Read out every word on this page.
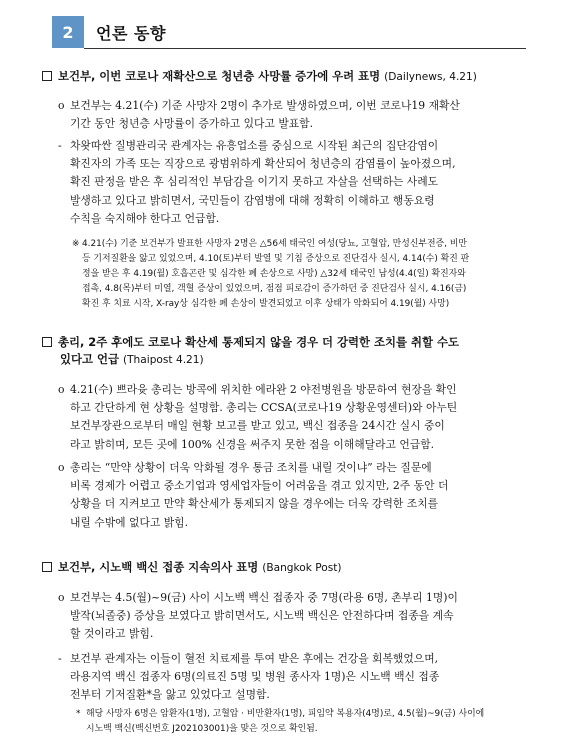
2	언론 동향
보건부, 이번 코로나 재확산으로 청년층 사망률 증가에 우려 표명 (Dailynews, 4.21)
o 보건부는 4.21(수) 기준 사망자 2명이 추가로 발생하였으며, 이번 코로나19 재확산
기간 동안 청년층 사망률이 증가하고 있다고 발표함.
- 차왓따싼 질병관리국 관계자는 유흥업소를 중심으로 시작된 최근의 집단감염이
확진자의 가족 또는 직장으로 광범위하게 확산되어 청년층의 감염률이 높아졌으며,
확진 판정을 받은 후 심리적인 부담감을 이기지 못하고 자살을 선택하는 사례도
발생하고 있다고 밝히면서, 국민들이 감염병에 대해 정확히 이해하고 행동요령
수칙을 숙지해야 한다고 언급함.
※ 4.21(수) 기준 보건부가 발표한 사망자 2명은 △56세 태국인 여성(당뇨, 고혈압, 만성신부전증, 비만
등 기저질환을 앓고 있었으며, 4.10(토)부터 발열 및 기침 증상으로 진단검사 실시, 4.14(수) 확진 판
정을 받은 후 4.19(월) 호흡곤란 및 심각한 폐 손상으로 사망) △32세 태국인 남성(4.4(일) 확진자와
접촉, 4.8(목)부터 미열, 객혈 증상이 있었으며, 점점 피로감이 증가하던 중 진단검사 실시, 4.16(금)
확진 후 치료 시작, X-ray상 심각한 폐 손상이 발견되었고 이후 상태가 악화되어 4.19(월) 사망)
총리, 2주 후에도 코로나 확산세 통제되지 않을 경우 더 강력한 조치를 취할 수도
있다고 언급 (Thaipost 4.21)
o 4.21(수) 쁘라윳 총리는 방콕에 위치한 에라완 2 야전병원을 방문하여 현장을 확인
하고 간단하게 현 상황을 설명함. 총리는 CCSA(코로나19 상황운영센터)와 아누틴
보건부장관으로부터 매일 현황 보고를 받고 있고, 백신 접종을 24시간 실시 중이
라고 밝히며, 모든 곳에 100% 신경을 써주지 못한 점을 이해해달라고 언급함.
o 총리는 “만약 상황이 더욱 악화될 경우 통금 조치를 내릴 것이냐” 라는 질문에
비록 경제가 어렵고 중소기업과 영세업자들이 어려움을 겪고 있지만, 2주 동안 더
상황을 더 지켜보고 만약 확산세가 통제되지 않을 경우에는 더욱 강력한 조치를
내릴 수밖에 없다고 밝힘.
보건부, 시노백 백신 접종 지속의사 표명 (Bangkok Post)
o 보건부는 4.5(월)~9(금) 사이 시노백 백신 접종자 중 7명(라용 6명, 촌부리 1명)이
발작(뇌졸중) 증상을 보였다고 밝히면서도, 시노백 백신은 안전하다며 접종을 계속
할 것이라고 밝힘.
- 보건부 관계자는 이들이 혈전 치료제를 투여 받은 후에는 건강을 회복했었으며,
라용지역 백신 접종자 6명(의료진 5명 및 병원 종사자 1명)은 시노백 백신 접종
전부터 기저질환*을 앓고 있었다고 설명함.
* 해당 사망자 6명은 암환자(1명), 고혈압 · 비만환자(1명), 피임약 복용자(4명)로, 4.5(월)~9(금) 사이에
시노백 백신(백신번호 J202103001)을 맞은 것으로 확인됨.
